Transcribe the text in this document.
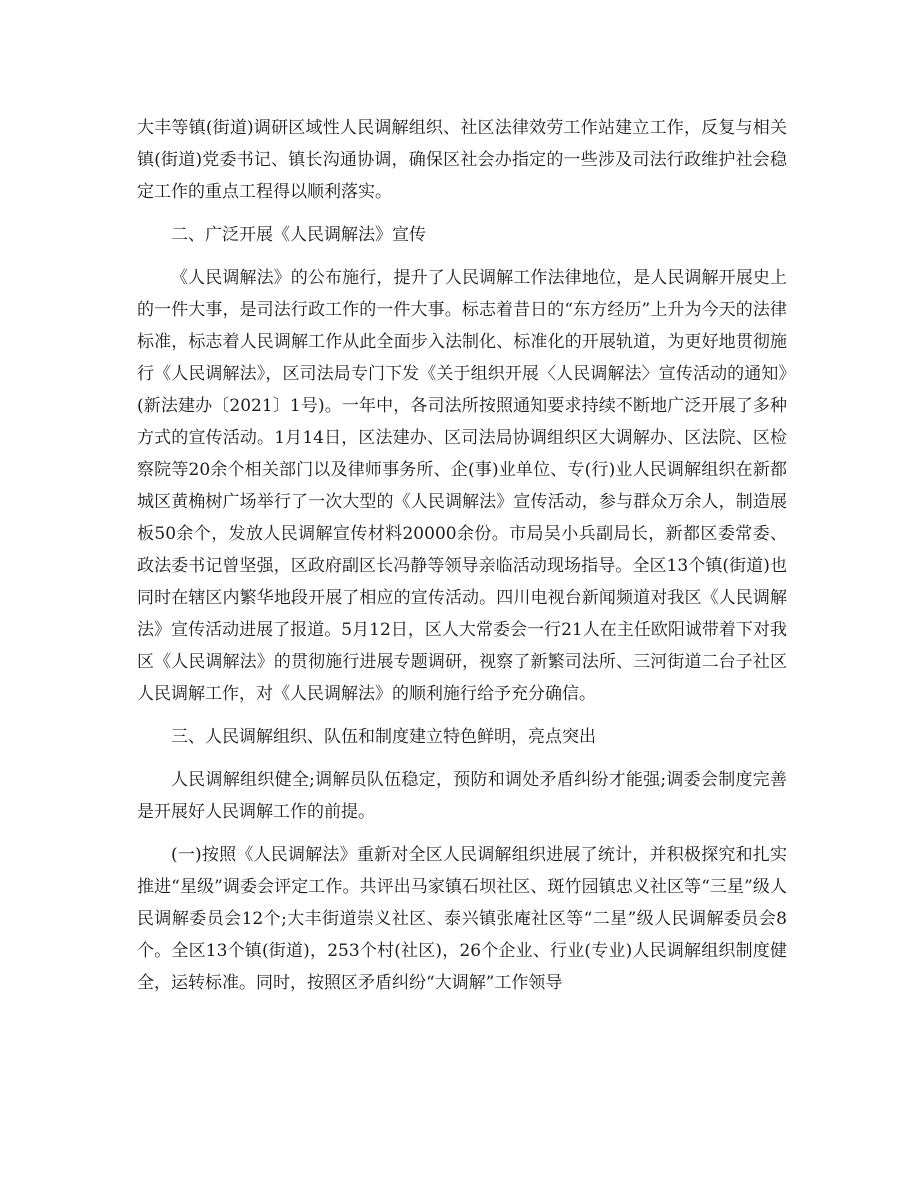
大丰等镇(街道)调研区域性人民调解组织、社区法律效劳工作站建立工作，反复与相关镇(街道)党委书记、镇长沟通协调，确保区社会办指定的一些涉及司法行政维护社会稳定工作的重点工程得以顺利落实。

二、广泛开展《人民调解法》宣传

《人民调解法》的公布施行，提升了人民调解工作法律地位，是人民调解开展史上的一件大事，是司法行政工作的一件大事。标志着昔日的“东方经历”上升为今天的法律标准，标志着人民调解工作从此全面步入法制化、标准化的开展轨道，为更好地贯彻施行《人民调解法》，区司法局专门下发《关于组织开展〈人民调解法〉宣传活动的通知》(新法建办〔2021〕1号)。一年中，各司法所按照通知要求持续不断地广泛开展了多种方式的宣传活动。1月14日，区法建办、区司法局协调组织区大调解办、区法院、区检察院等20余个相关部门以及律师事务所、企(事)业单位、专(行)业人民调解组织在新都城区黄桷树广场举行了一次大型的《人民调解法》宣传活动，参与群众万余人，制造展板50余个，发放人民调解宣传材料20000余份。市局吴小兵副局长，新都区委常委、政法委书记曾坚强，区政府副区长冯静等领导亲临活动现场指导。全区13个镇(街道)也同时在辖区内繁华地段开展了相应的宣传活动。四川电视台新闻频道对我区《人民调解法》宣传活动进展了报道。5月12日，区人大常委会一行21人在主任欧阳诚带着下对我区《人民调解法》的贯彻施行进展专题调研，视察了新繁司法所、三河街道二台子社区人民调解工作，对《人民调解法》的顺利施行给予充分确信。

三、人民调解组织、队伍和制度建立特色鲜明，亮点突出

人民调解组织健全;调解员队伍稳定，预防和调处矛盾纠纷才能强;调委会制度完善是开展好人民调解工作的前提。

(一)按照《人民调解法》重新对全区人民调解组织进展了统计，并积极探究和扎实推进“星级”调委会评定工作。共评出马家镇石坝社区、斑竹园镇忠义社区等“三星”级人民调解委员会12个;大丰街道崇义社区、泰兴镇张庵社区等“二星”级人民调解委员会8个。全区13个镇(街道)，253个村(社区)，26个企业、行业(专业)人民调解组织制度健全，运转标准。同时，按照区矛盾纠纷“大调解”工作领导
